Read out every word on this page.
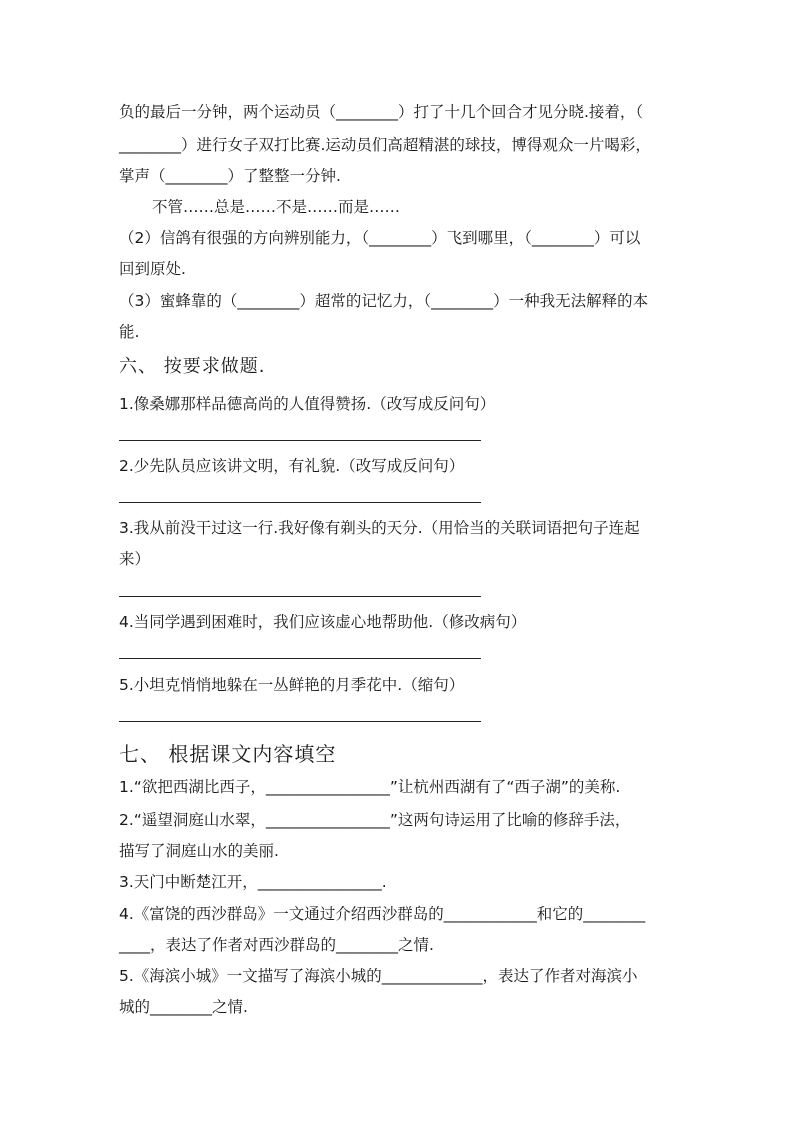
负的最后一分钟，两个运动员（________）打了十几个回合才见分晓.接着，（
________）进行女子双打比赛.运动员们高超精湛的球技，博得观众一片喝彩，
掌声（________）了整整一分钟.
不管……总是……不是……而是……
（2）信鸽有很强的方向辨别能力，（________）飞到哪里，（________）可以
回到原处.
（3）蜜蜂靠的（________）超常的记忆力，（________）一种我无法解释的本
能.
六、 按要求做题.
1.像桑娜那样品德高尚的人值得赞扬.（改写成反问句）
2.少先队员应该讲文明，有礼貌.（改写成反问句）
3.我从前没干过这一行.我好像有剃头的天分.（用恰当的关联词语把句子连起
来）
4.当同学遇到困难时，我们应该虚心地帮助他.（修改病句）
5.小坦克悄悄地躲在一丛鲜艳的月季花中.（缩句）
七、 根据课文内容填空
1.“欲把西湖比西子，________________”让杭州西湖有了“西子湖”的美称.
2.“遥望洞庭山水翠，________________”这两句诗运用了比喻的修辞手法，
描写了洞庭山水的美丽.
3.天门中断楚江开，________________.
4.《富饶的西沙群岛》一文通过介绍西沙群岛的____________和它的________
____，表达了作者对西沙群岛的________之情.
5.《海滨小城》一文描写了海滨小城的_____________，表达了作者对海滨小
城的________之情.
